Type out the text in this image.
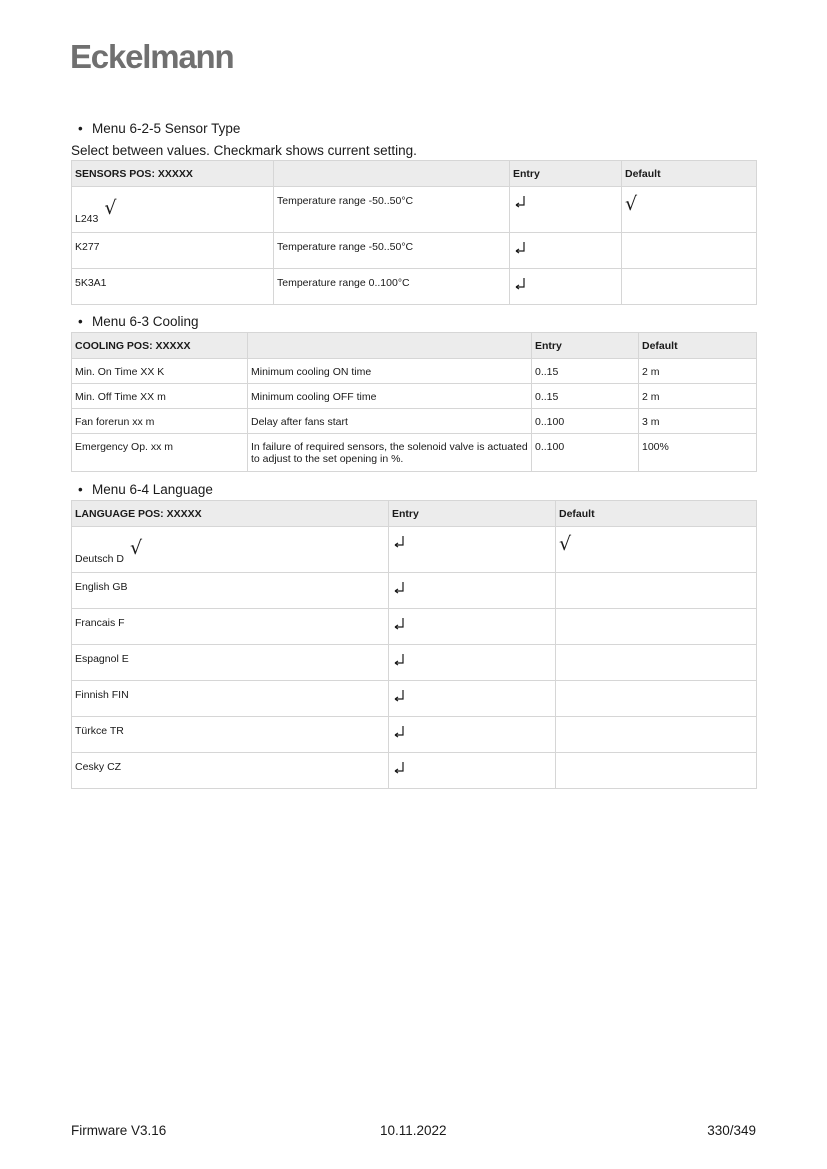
Eckelmann
• Menu 6-2-5 Sensor Type
Select between values. Checkmark shows current setting.
SENSORS POS: XXXXX		Entry	Default
L243 √	Temperature range -50..50°C		√
K277	Temperature range -50..50°C		
5K3A1	Temperature range 0..100°C		
• Menu 6-3 Cooling
COOLING POS: XXXXX		Entry	Default
Min. On Time XX K	Minimum cooling ON time	0..15	2 m
Min. Off Time XX m	Minimum cooling OFF time	0..15	2 m
Fan forerun xx m	Delay after fans start	0..100	3 m
Emergency Op. xx m	In failure of required sensors, the solenoid valve is actuated to adjust to the set opening in %.	0..100	100%
• Menu 6-4 Language
LANGUAGE POS: XXXXX	Entry	Default
Deutsch D √		√
English GB		
Francais F		
Espagnol E		
Finnish FIN		
Türkce TR		
Cesky CZ		
Firmware V3.16	10.11.2022	330/349
